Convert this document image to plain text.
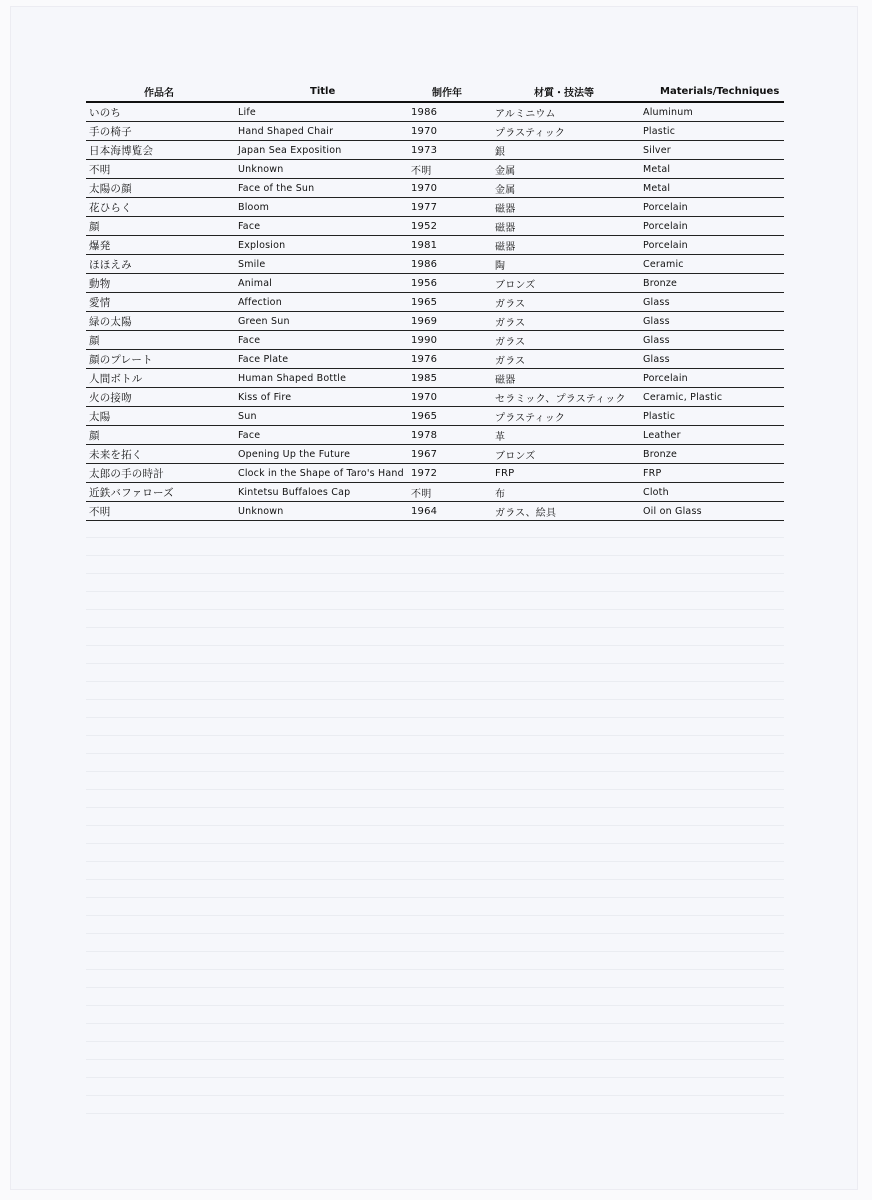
作品名	Title	制作年	材質・技法等	Materials/Techniques
いのち	Life	1986	アルミニウム	Aluminum
手の椅子	Hand Shaped Chair	1970	プラスティック	Plastic
日本海博覧会	Japan Sea Exposition	1973	銀	Silver
不明	Unknown	不明	金属	Metal
太陽の顔	Face of the Sun	1970	金属	Metal
花ひらく	Bloom	1977	磁器	Porcelain
顔	Face	1952	磁器	Porcelain
爆発	Explosion	1981	磁器	Porcelain
ほほえみ	Smile	1986	陶	Ceramic
動物	Animal	1956	ブロンズ	Bronze
愛情	Affection	1965	ガラス	Glass
緑の太陽	Green Sun	1969	ガラス	Glass
顔	Face	1990	ガラス	Glass
顔のプレート	Face Plate	1976	ガラス	Glass
人間ボトル	Human Shaped Bottle	1985	磁器	Porcelain
火の接吻	Kiss of Fire	1970	セラミック、プラスティック	Ceramic, Plastic
太陽	Sun	1965	プラスティック	Plastic
顔	Face	1978	革	Leather
未来を拓く	Opening Up the Future	1967	ブロンズ	Bronze
太郎の手の時計	Clock in the Shape of Taro's Hand	1972	FRP	FRP
近鉄バファローズ	Kintetsu Buffaloes Cap	不明	布	Cloth
不明	Unknown	1964	ガラス、絵具	Oil on Glass
